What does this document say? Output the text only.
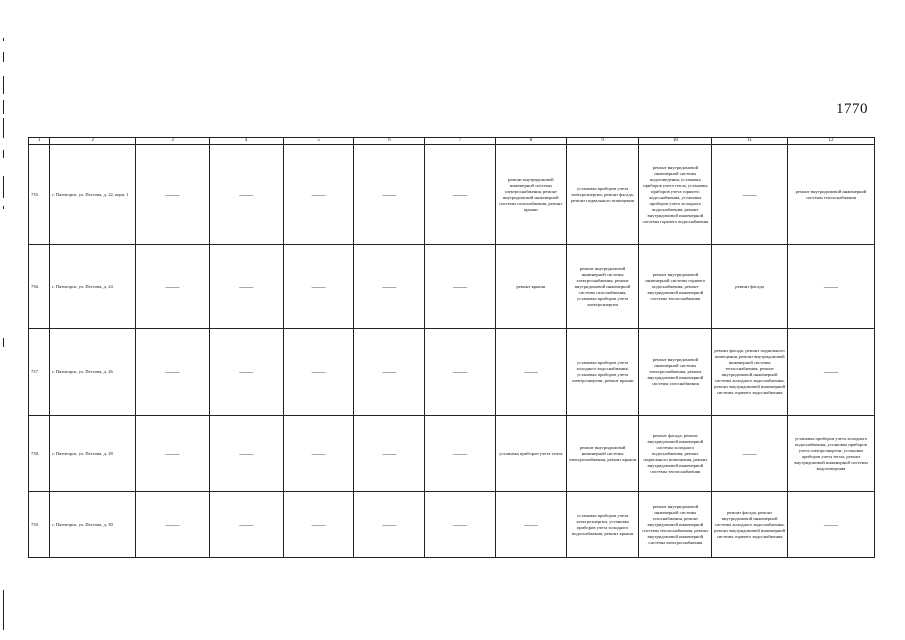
1770
1	2	3	4	5	6	7	8	9	10	11	12
735.	г. Пятигорск, ул. Пестова, д. 22, корп. 1	——	——	——	——	——	ремонт внутридомовой инженерной системы электроснабжения, ремонт внутридомовой инженерной системы газоснабжения, ремонт крыши	установка приборов учета электроэнергии, ремонт фасада, ремонт подвального помещения	ремонт внутридомовой инженерной системы водоотведения, установка приборов учета тепла, установка приборов учета горячего водоснабжения, установка приборов учета холодного водоснабжения, ремонт внутридомовой инженерной системы горячего водоснабжения	——	ремонт внутридомовой инженерной системы теплоснабжения
736.	г. Пятигорск, ул. Пестова, д. 24	——	——	——	——	——	ремонт крыши	ремонт внутридомовой инженерной системы электроснабжения, ремонт внутридомовой инженерной системы газоснабжения, установка приборов учета электроэнергии	ремонт внутридомовой инженерной системы горячего водоснабжения, ремонт внутридомовой инженерной системы теплоснабжения	ремонт фасада	——
737.	г. Пятигорск, ул. Пестова, д. 26	——	——	——	——	——	——	установка приборов учета холодного водоснабжения, установка приборов учета электроэнергии, ремонт крыши	ремонт внутридомовой инженерной системы электроснабжения, ремонт внутридомовой инженерной системы газоснабжения	ремонт фасада, ремонт подвального помещения, ремонт внутридомовой инженерной системы теплоснабжения, ремонт внутридомовой инженерной системы холодного водоснабжения, ремонт внутридомовой инженерной системы горячего водоснабжения	——
738.	г. Пятигорск, ул. Пестова, д. 28	——	——	——	——	——	установка приборов учета тепла	ремонт внутридомовой инженерной системы электроснабжения, ремонт крыши	ремонт фасада, ремонт внутридомовой инженерной системы холодного водоснабжения, ремонт подвального помещения, ремонт внутридомовой инженерной системы теплоснабжения	——	установка приборов учета холодного водоснабжения, установка приборов учета электроэнергии, установка приборов учета тепла, ремонт внутридомовой инженерной системы водоотведения
739.	г. Пятигорск, ул. Пестова, д. 30	——	——	——	——	——	——	установка приборов учета электроэнергии, установка приборов учета холодного водоснабжения, ремонт крыши	ремонт внутридомовой инженерной системы газоснабжения, ремонт внутридомовой инженерной системы теплоснабжения, ремонт внутридомовой инженерной системы электроснабжения	ремонт фасада, ремонт внутридомовой инженерной системы холодного водоснабжения, ремонт внутридомовой инженерной системы горячего водоснабжения	——
